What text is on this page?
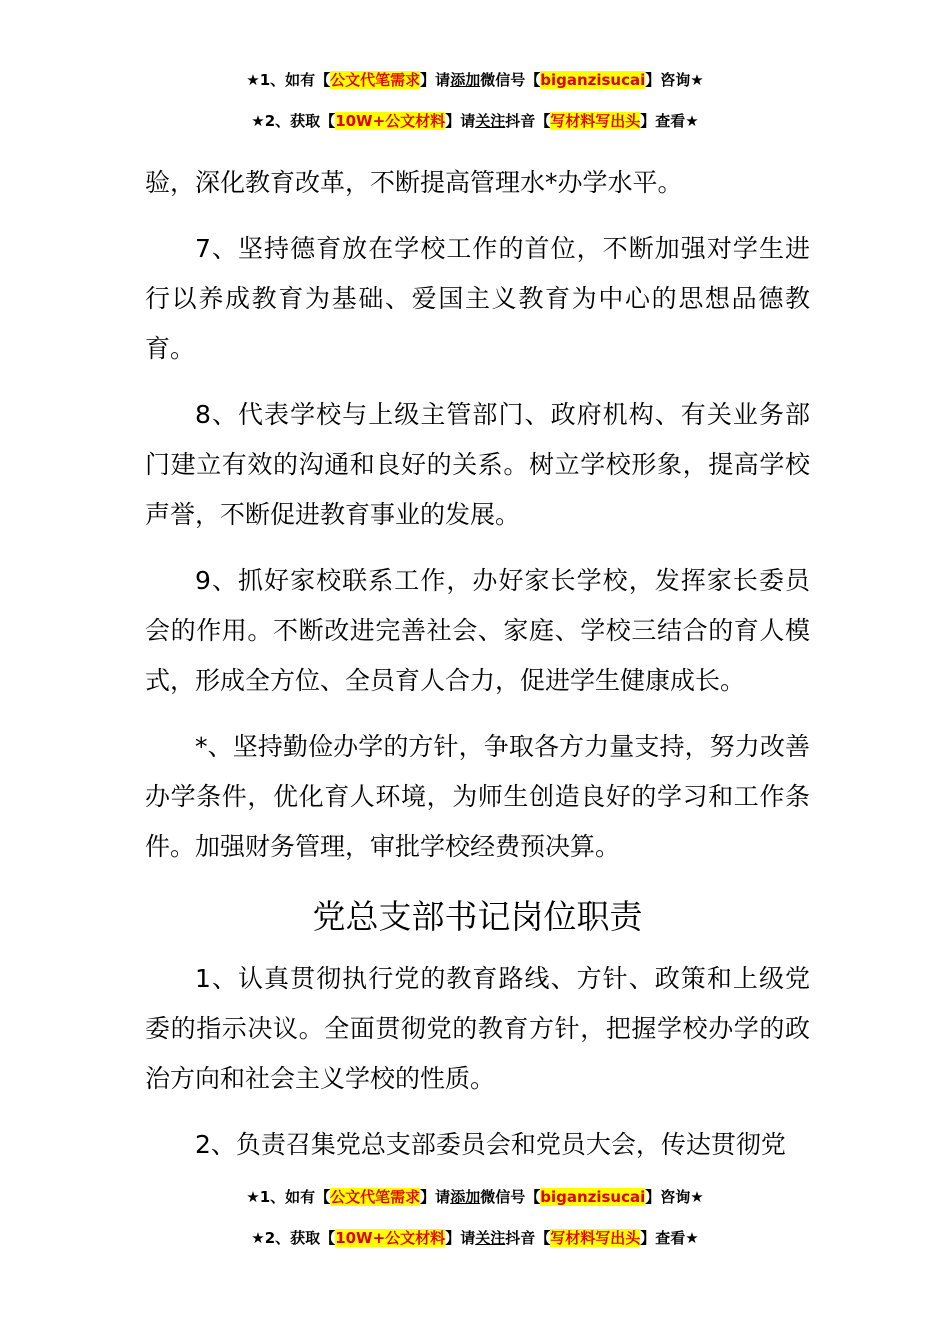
★1、如有【公文代笔需求】请添加微信号【biganzisucai】咨询★
★2、获取【10W+公文材料】请关注抖音【写材料写出头】查看★

验，深化教育改革，不断提高管理水*办学水平。

7、坚持德育放在学校工作的首位，不断加强对学生进行以养成教育为基础、爱国主义教育为中心的思想品德教育。

8、代表学校与上级主管部门、政府机构、有关业务部门建立有效的沟通和良好的关系。树立学校形象，提高学校声誉，不断促进教育事业的发展。

9、抓好家校联系工作，办好家长学校，发挥家长委员会的作用。不断改进完善社会、家庭、学校三结合的育人模式，形成全方位、全员育人合力，促进学生健康成长。

*、坚持勤俭办学的方针，争取各方力量支持，努力改善办学条件，优化育人环境，为师生创造良好的学习和工作条件。加强财务管理，审批学校经费预决算。

党总支部书记岗位职责

1、认真贯彻执行党的教育路线、方针、政策和上级党委的指示决议。全面贯彻党的教育方针，把握学校办学的政治方向和社会主义学校的性质。

2、负责召集党总支部委员会和党员大会，传达贯彻党

★1、如有【公文代笔需求】请添加微信号【biganzisucai】咨询★
★2、获取【10W+公文材料】请关注抖音【写材料写出头】查看★
